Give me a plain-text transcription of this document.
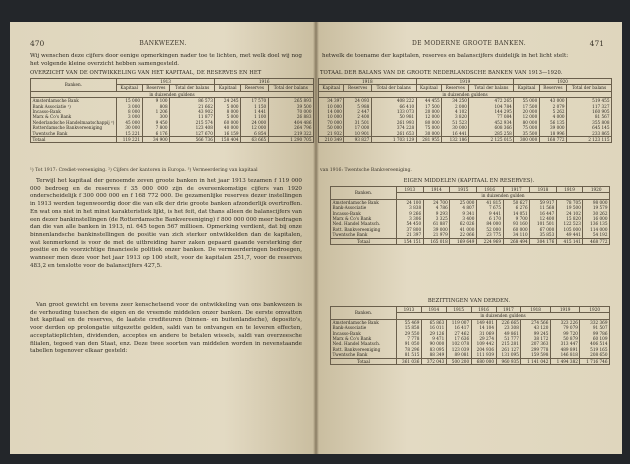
470	BANKWEZEN.
Wij wenschen deze cijfers door eenige opmerkingen nader toe te lichten, met welk doel wij nog het volgende kleine overzicht hebben samengesteld.
OVERZICHT VAN DE ONTWIKKELING VAN HET KAPITAAL, DE RESERVES EN HET
Banken.	1913			1916		
	Kapitaal	Reserves	Total der balans	Kapitaal	Reserves	Total der balans
in duizenden guldens						
Amsterdamsche Bank	15 000	9 100	86 573	24 245	17 570	265 893
Bank Associatie ¹)	3 000	808	21 662	5 000	1 150	39 500
Incasso-Bank	8 000	1 206	43 902	8 000	1 441	70 000
Marx & Co's Bank	3 000	300	11 877	5 000	1 100	26 883
Nederlandsche Handelmaatschappij ²)	45 000	9 450	215 574	60 000	24 000	404 486
Rotterdamsche Bankvereeniging	30 000	7 800	123 408	40 000	12 000	264 796
Twentsche Bank	15 221	6 176	127 670	16 159	6 854	219 322
Totaal	119 221	34 900	566 736	158 404	63 665	1 290 705
¹) Tot 1917: Crediet-vereeniging. ²) Cijfers der kantoren in Europa. ³) Vermeerdering van kapitaal
Terwijl het kapitaal der genoemde zeven groote banken in het jaar 1913 tezamen f 119 000 000 bedroeg en de reserves f 35 000 000 zijn de overeenkomstige cijfers van 1920 onderscheidelijk f 300 000 000 en f 168 772 000. De gezamenlijke reserves dezer instellingen in 1913 werden tegenwoordig door die van elk der drie groote banken afzonderlijk overtroffen. En wat ons niet in het minst karakteristiek lijkt, is het feit, dat thans alleen de balanscijfers van een dezer bankinstellingen (de Rotterdamsche Bankvereeniging) f 800 000 000 meer bedragen dan die van alle banken in 1913, nl. 645 tegen 567 millioen. Opmerking verdient, dat bij onze binnenlandsche bankinstellingen de positie van zich sterker ontwikkelden dan de kapitalen, wat kenmerkend is voor de met de uitbreiding harer zaken gepaard gaande versterking der positie en de voorzichtige financieele politiek onzer banken. De vermeerderingen bedroegen, wanneer men deze voor het jaar 1913 op 100 stelt, voor de kapitalen 251,7, voor de reserves 483,2 en tenslotte voor de balanscijfers 427,5.
Van groot gewicht en tevens zeer kenschetsend voor de ontwikkeling van ons bankwezen is de verhouding tusschen de eigen en de vreemde middelen onzer banken. De eerste omvatten het kapitaal en de reserves, de laatste crediteuren (binnen- en buitenlandsche), deposito's, voor derden op prolongatie uitgezette gelden, saldi van te ontvangen en te leveren effecten, acceptatieplichten, dividenden, acceptes en andere te betalen wissels, saldi van overzeesche filialen, tegoed van den Staat, enz. Deze twee soorten van middelen worden in nevenstaande tabellen tegenover elkaar gesteld:
DE MODERNE GROOTE BANKEN.	471
hetwelk de toename der kapitalen, reserves en balanscijfers duidelijk in het licht stelt:
TOTAAL DER BALANS VAN DE GROOTE NEDERLANDSCHE BANKEN VAN 1913—1920.
1918			1919			1920		
Kapitaal	Reserves	Total der balans	Kapitaal	Reserves	Total der balans	Kapitaal	Reserves	Total der balans
in duizenden guldens								
34 397	24 093	408 222	44 455	34 250	472 265	55 000	43 000	519 455
10 000	5 988	66 410	17 500	2 000	104 784	17 500	2 079	117 327
14 000	2 447	133 073	20 000	4 102	144 295	20 000	5 262	160 905
10 000	2 400	50 981	12 000	3 820	77 084	12 000	4 000	81 567
70 000	31 501	261 993	80 000	51 523	452 934	80 000	56 135	355 808
50 000	17 000	374 228	75 000	30 000	608 366	75 000	39 000	645 145
21 932	10 901	261 653	30 000	16 441	285 258	35 500	18 996	233 865
210 349	93 827	1 703 129	281 955	132 186	2 125 015	300 000	168 772	2 123 115
van 1916: Twentsche Bankvereeniging.
EIGEN MIDDELEN (KAPITAAL EN RESERVES).
Banken.	1913	1914	1915	1916	1917	1918	1919	1920
	in duizenden gulden							
Amsterdamsche Bank	24 100	24 700	25 000	41 815	50 627	59 917	78 705	98 000
Bank-Associatie	3 838	4 786	4 807	7 675	6 276	11 568	19 500	19 579
Incasso-Bank	9 266	9 293	9 341	9 441	14 051	16 447	24 102	30 262
Marx & Co's Bank	3 306	3 325	3 400	6 170	9 700	12 400	15 820	16 000
Ned. Handel Maatsch.	54 450	61 887	62 026	84 000	93 160	101 501	122 523	136 135
Rott. Bankvereeniging	37 800	39 000	41 000	52 000	60 000	67 000	105 000	114 000
Twentsche Bank	21 397	21 979	22 066	23 775	34 110	35 853	49 441	54 192
Totaal	154 151	165 018	169 649	224 969	268 494	304 176	415 141	468 772
BEZITTINGEN VAN DERDEN.
Banken.	1913	1914	1915	1916	1917	1918	1919	1920
	in duizenden guldens							
Amsterdamsche Bank	55 469	65 863	119 007	149 401	226 665	274 566	323 226	332 369
Bank-Associatie	15 858	16 011	16 417	14 104	23 308	43 120	79 079	91 507
Incasso-Bank	29 550	29 126	27 462	31 069	49 861	99 245	99 720	99 786
Marx & Co's Bank	7 778	9 471	17 636	29 274	51 777	38 172	50 879	60 109
Ned. Handel Maatsch.	91 050	90 000	102 078	109 442	215 281	207 363	313 447	406 514
Rott. Bankvereeniging	78 296	83 095	123 039	204 936	261 127	299 778	489 891	519 165
Twentsche Bank	81 515	88 349	89 081	111 939	131 095	159 598	146 818	208 650
Totaal	361 036	372 043	500 200	680 000	960 935	1 141 042	1 494 382	1 716 746
